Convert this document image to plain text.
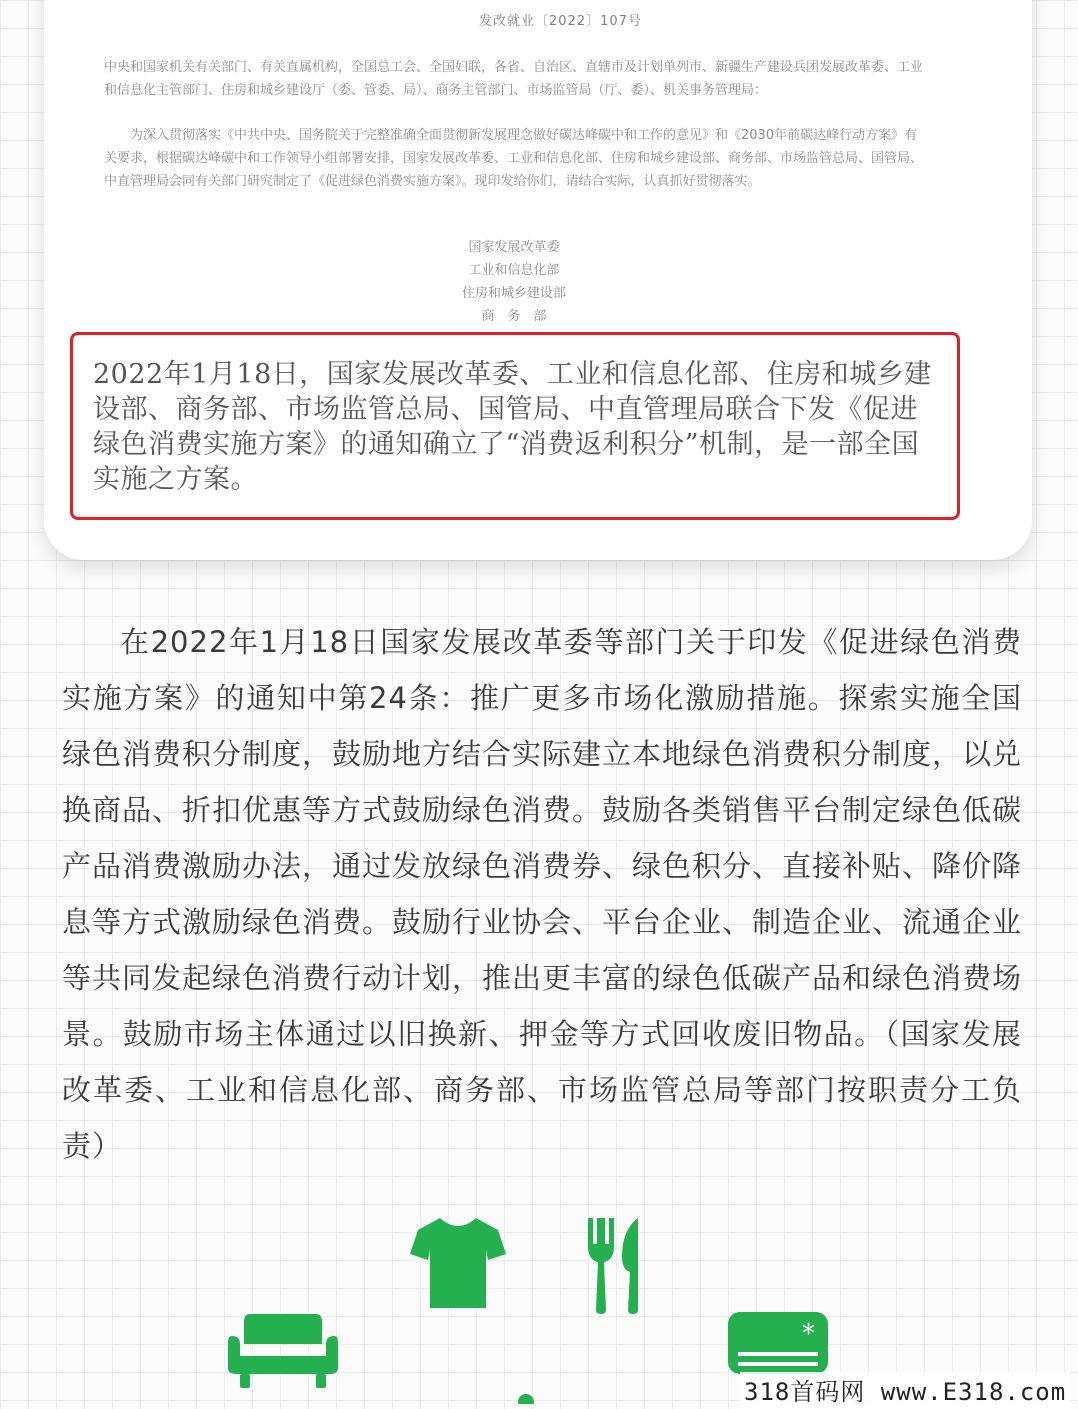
发改就业〔2022〕107号

中央和国家机关有关部门、有关直属机构，全国总工会、全国妇联，各省、自治区、直辖市及计划单列市、新疆生产建设兵团发展改革委、工业和信息化主管部门、住房和城乡建设厅（委、管委、局）、商务主管部门、市场监管局（厅、委）、机关事务管理局：

为深入贯彻落实《中共中央、国务院关于完整准确全面贯彻新发展理念做好碳达峰碳中和工作的意见》和《2030年前碳达峰行动方案》有关要求，根据碳达峰碳中和工作领导小组部署安排，国家发展改革委、工业和信息化部、住房和城乡建设部、商务部、市场监管总局、国管局、中直管理局会同有关部门研究制定了《促进绿色消费实施方案》。现印发给你们，请结合实际，认真抓好贯彻落实。

国家发展改革委
工业和信息化部
住房和城乡建设部
商　务　部
2022年1月18日，国家发展改革委、工业和信息化部、住房和城乡建设部、商务部、市场监管总局、国管局、中直管理局联合下发《促进绿色消费实施方案》的通知确立了“消费返利积分”机制，是一部全国实施之方案。

在2022年1月18日国家发展改革委等部门关于印发《促进绿色消费实施方案》的通知中第24条：推广更多市场化激励措施。探索实施全国绿色消费积分制度，鼓励地方结合实际建立本地绿色消费积分制度，以兑换商品、折扣优惠等方式鼓励绿色消费。鼓励各类销售平台制定绿色低碳产品消费激励办法，通过发放绿色消费券、绿色积分、直接补贴、降价降息等方式激励绿色消费。鼓励行业协会、平台企业、制造企业、流通企业等共同发起绿色消费行动计划，推出更丰富的绿色低碳产品和绿色消费场景。鼓励市场主体通过以旧换新、押金等方式回收废旧物品。（国家发展改革委、工业和信息化部、商务部、市场监管总局等部门按职责分工负责）

*
318首码网 www.E318.com
